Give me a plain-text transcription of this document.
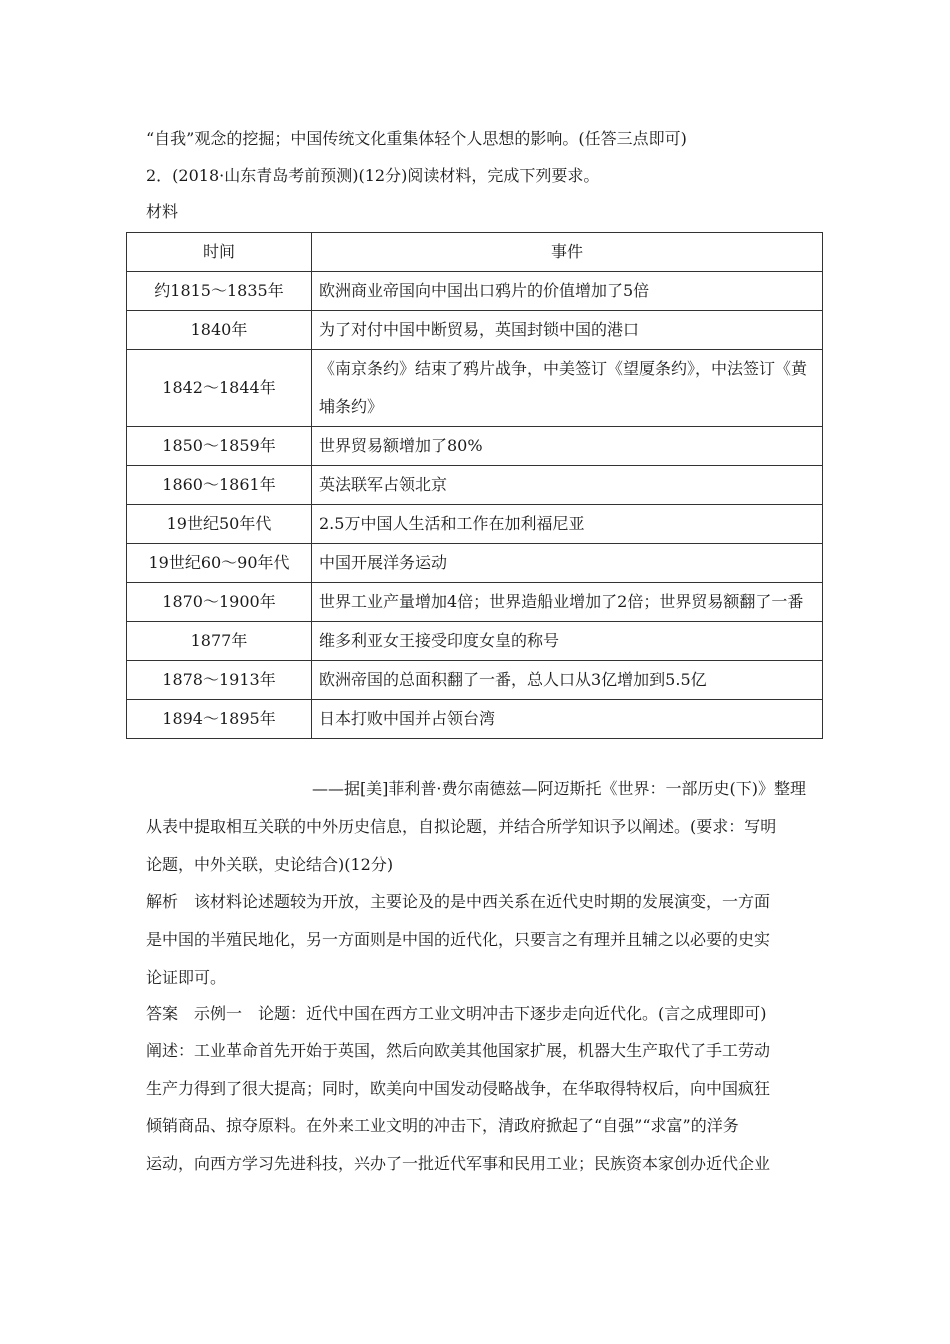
“自我”观念的挖掘；中国传统文化重集体轻个人思想的影响。(任答三点即可)
2．(2018·山东青岛考前预测)(12分)阅读材料，完成下列要求。
材料
时间	事件
约1815～1835年	欧洲商业帝国向中国出口鸦片的价值增加了5倍
1840年	为了对付中国中断贸易，英国封锁中国的港口
1842～1844年	《南京条约》结束了鸦片战争，中美签订《望厦条约》，中法签订《黄埔条约》
1850～1859年	世界贸易额增加了80%
1860～1861年	英法联军占领北京
19世纪50年代	2.5万中国人生活和工作在加利福尼亚
19世纪60～90年代	中国开展洋务运动
1870～1900年	世界工业产量增加4倍；世界造船业增加了2倍；世界贸易额翻了一番
1877年	维多利亚女王接受印度女皇的称号
1878～1913年	欧洲帝国的总面积翻了一番，总人口从3亿增加到5.5亿
1894～1895年	日本打败中国并占领台湾
——据[美]菲利普·费尔南德兹—阿迈斯托《世界：一部历史(下)》整理
从表中提取相互关联的中外历史信息，自拟论题，并结合所学知识予以阐述。(要求：写明
论题，中外关联，史论结合)(12分)
解析　该材料论述题较为开放，主要论及的是中西关系在近代史时期的发展演变，一方面
是中国的半殖民地化，另一方面则是中国的近代化，只要言之有理并且辅之以必要的史实
论证即可。
答案　示例一　论题：近代中国在西方工业文明冲击下逐步走向近代化。(言之成理即可)
阐述：工业革命首先开始于英国，然后向欧美其他国家扩展，机器大生产取代了手工劳动
生产力得到了很大提高；同时，欧美向中国发动侵略战争，在华取得特权后，向中国疯狂
倾销商品、掠夺原料。在外来工业文明的冲击下，清政府掀起了“自强”“求富”的洋务
运动，向西方学习先进科技，兴办了一批近代军事和民用工业；民族资本家创办近代企业
